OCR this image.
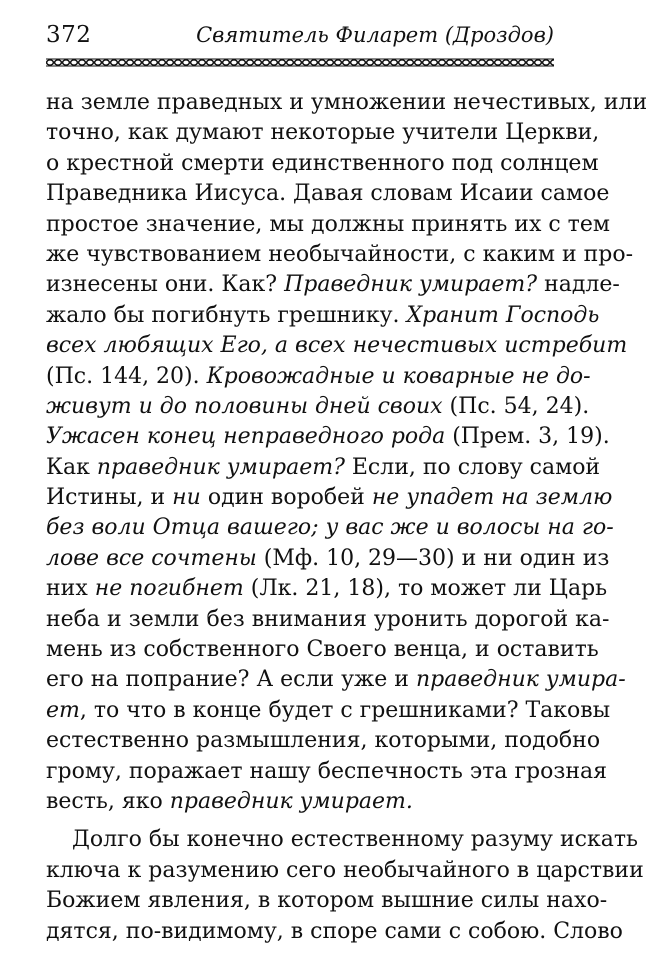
372	Святитель Филарет (Дроздов)
на земле праведных и умножении нечестивых, или
точно, как думают некоторые учители Церкви,
о крестной смерти единственного под солнцем
Праведника Иисуса. Давая словам Исаии самое
простое значение, мы должны принять их с тем
же чувствованием необычайности, с каким и про-
изнесены они. Как? Праведник умирает? надле-
жало бы погибнуть грешнику. Хранит Господь
всех любящих Его, а всех нечестивых истребит
(Пс. 144, 20). Кровожадные и коварные не до-
живут и до половины дней своих (Пс. 54, 24).
Ужасен конец неправедного рода (Прем. 3, 19).
Как праведник умирает? Если, по слову самой
Истины, и ни один воробей не упадет на землю
без воли Отца вашего; у вас же и волосы на го-
лове все сочтены (Мф. 10, 29—30) и ни один из
них не погибнет (Лк. 21, 18), то может ли Царь
неба и земли без внимания уронить дорогой ка-
мень из собственного Своего венца, и оставить
его на попрание? А если уже и праведник умира-
ет, то что в конце будет с грешниками? Таковы
естественно размышления, которыми, подобно
грому, поражает нашу беспечность эта грозная
весть, яко праведник умирает.
Долго бы конечно естественному разуму искать
ключа к разумению сего необычайного в царствии
Божием явления, в котором вышние силы нахо-
дятся, по-видимому, в споре сами с собою. Слово
